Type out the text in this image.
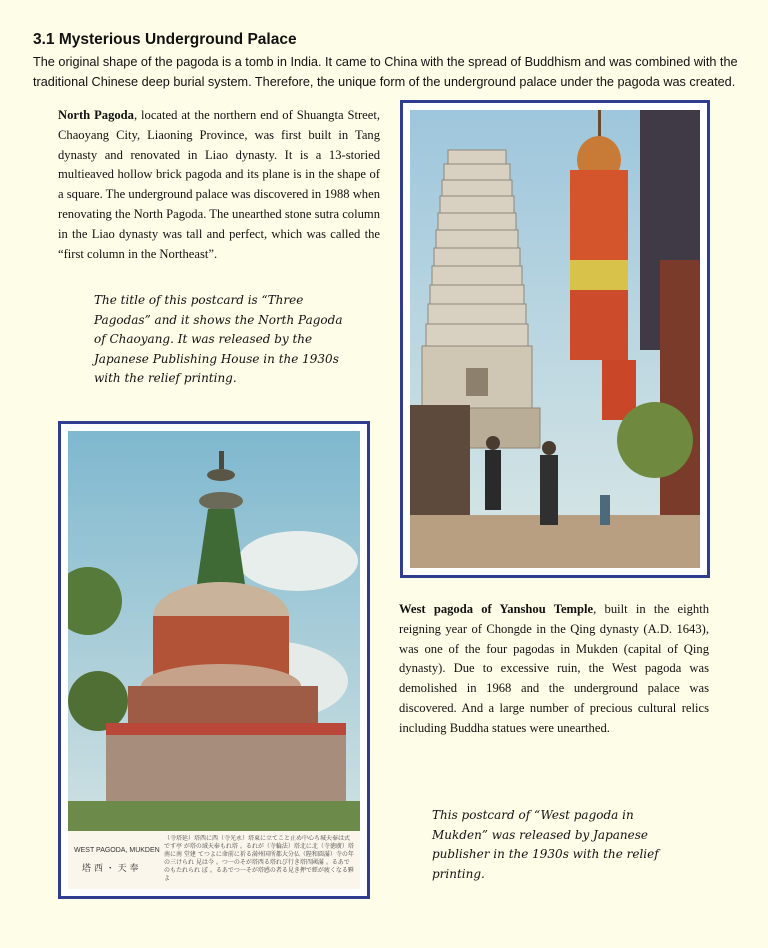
3.1 Mysterious Underground Palace
The original shape of the pagoda is a tomb in India. It came to China with the spread of Buddhism and was combined with the traditional Chinese deep burial system. Therefore, the unique form of the underground palace under the pagoda was created.
North Pagoda, located at the northern end of Shuangta Street, Chaoyang City, Liaoning Province, was first built in Tang dynasty and renovated in Liao dynasty. It is a 13-storied multieaved hollow brick pagoda and its plane is in the shape of a square. The underground palace was discovered in 1988 when renovating the North Pagoda. The unearthed stone sutra column in the Liao dynasty was tall and perfect, which was called the “first column in the Northeast”.
The title of this postcard is “Three Pagodas” and it shows the North Pagoda of Chaoyang. It was released by the Japanese Publishing House in the 1930s with the relief printing.
WEST PAGODA, MUKDEN
塔 西 ・ 天 奉
（寺塔延）塔西に西（寺光永）塔東に立てこと止め中心ち城天奉は式です亭 が塔の域天奉もれ塔 。るれが（寺輪法）塔北に北（寺徳廣）塔南に南 堂建 てつよに命前に祈る満州国所都大分仏（陛和圓滿）寺の年の三けられ 見は今 。つ一のそが塔西る塔れび行き塔四國滿 。るあでのもたれられ ぼ 。るあでつ一そが塔感の者る見き押で經が疲くなる夥よ
West pagoda of Yanshou Temple, built in the eighth reigning year of Chongde in the Qing dynasty (A.D. 1643), was one of the four pagodas in Mukden (capital of Qing dynasty). Due to excessive ruin, the West pagoda was demolished in 1968 and the underground palace was discovered. And a large number of precious cultural relics including Buddha statues were unearthed.
This postcard of “West pagoda in Mukden” was released by Japanese publisher in the 1930s with the relief printing.
